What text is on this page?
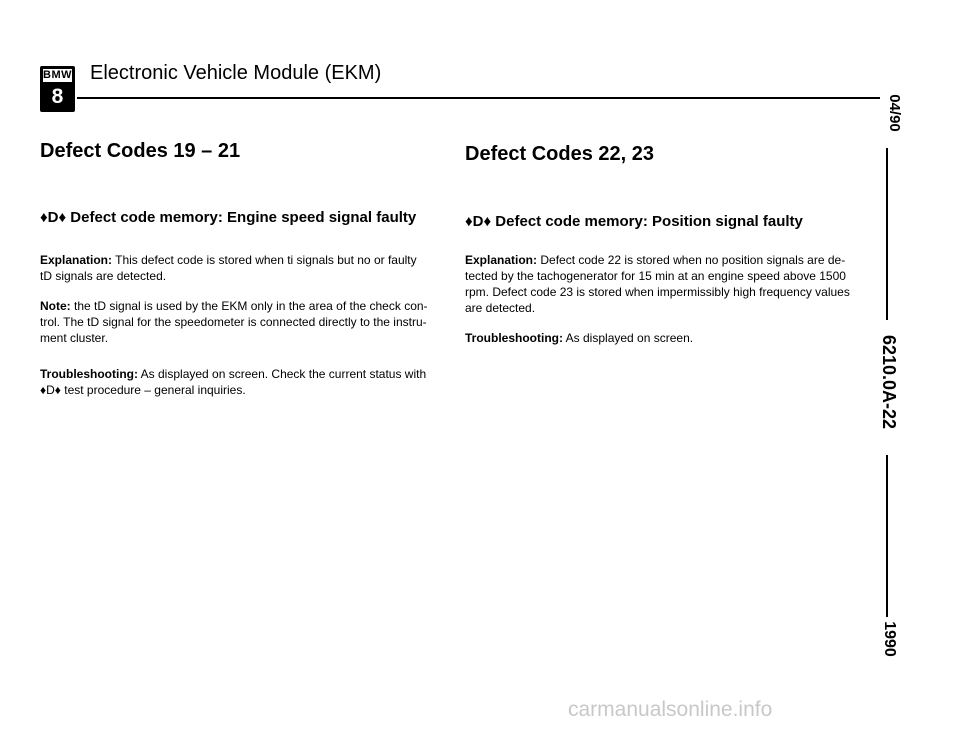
BMW
8
Electronic Vehicle Module (EKM)
Defect Codes 19 – 21
♦D♦ Defect code memory: Engine speed signal faulty
Explanation: This defect code is stored when ti signals but no or faulty
tD signals are detected.
Note: the tD signal is used by the EKM only in the area of the check con-
trol. The tD signal for the speedometer is connected directly to the instru-
ment cluster.
Troubleshooting: As displayed on screen. Check the current status with
♦D♦ test procedure – general inquiries.
Defect Codes 22, 23
♦D♦ Defect code memory: Position signal faulty
Explanation: Defect code 22 is stored when no position signals are de-
tected by the tachogenerator for 15 min at an engine speed above 1500
rpm. Defect code 23 is stored when impermissibly high frequency values
are detected.
Troubleshooting: As displayed on screen.
04/90
6210.0A-22
1990
carmanualsonline.info
